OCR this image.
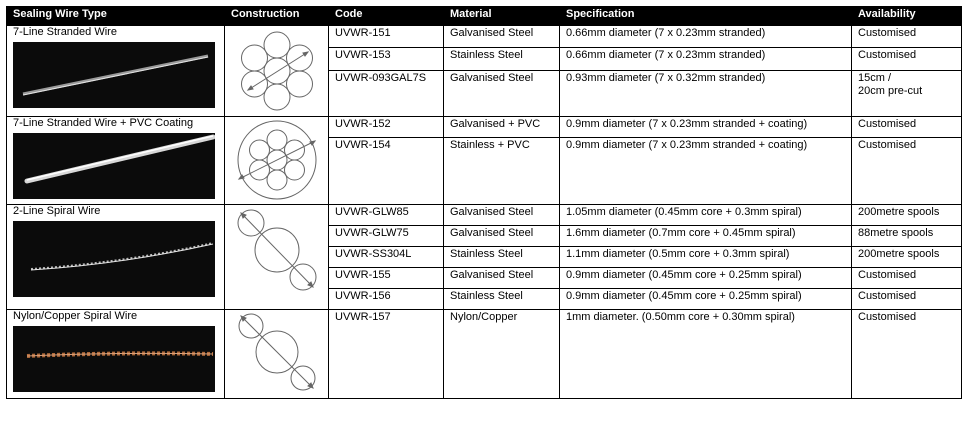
Sealing Wire Type	Construction	Code	Material	Specification	Availability

7-Line Stranded Wire		UVWR-151	Galvanised Steel	0.66mm diameter (7 x 0.23mm stranded)	Customised
		UVWR-153	Stainless Steel	0.66mm diameter (7 x 0.23mm stranded)	Customised
		UVWR-093GAL7S	Galvanised Steel	0.93mm diameter (7 x 0.32mm stranded)	15cm /
20cm pre-cut

7-Line Stranded Wire + PVC Coating		UVWR-152	Galvanised + PVC	0.9mm diameter (7 x 0.23mm stranded + coating)	Customised
		UVWR-154	Stainless + PVC	0.9mm diameter (7 x 0.23mm stranded + coating)	Customised

2-Line Spiral Wire		UVWR-GLW85	Galvanised Steel	1.05mm diameter (0.45mm core + 0.3mm spiral)	200metre spools
		UVWR-GLW75	Galvanised Steel	1.6mm diameter (0.7mm core + 0.45mm spiral)	88metre spools
		UVWR-SS304L	Stainless Steel	1.1mm diameter (0.5mm core + 0.3mm spiral)	200metre spools
		UVWR-155	Galvanised Steel	0.9mm diameter (0.45mm core + 0.25mm spiral)	Customised
		UVWR-156	Stainless Steel	0.9mm diameter (0.45mm core + 0.25mm spiral)	Customised

Nylon/Copper Spiral Wire		UVWR-157	Nylon/Copper	1mm diameter. (0.50mm core + 0.30mm spiral)	Customised
